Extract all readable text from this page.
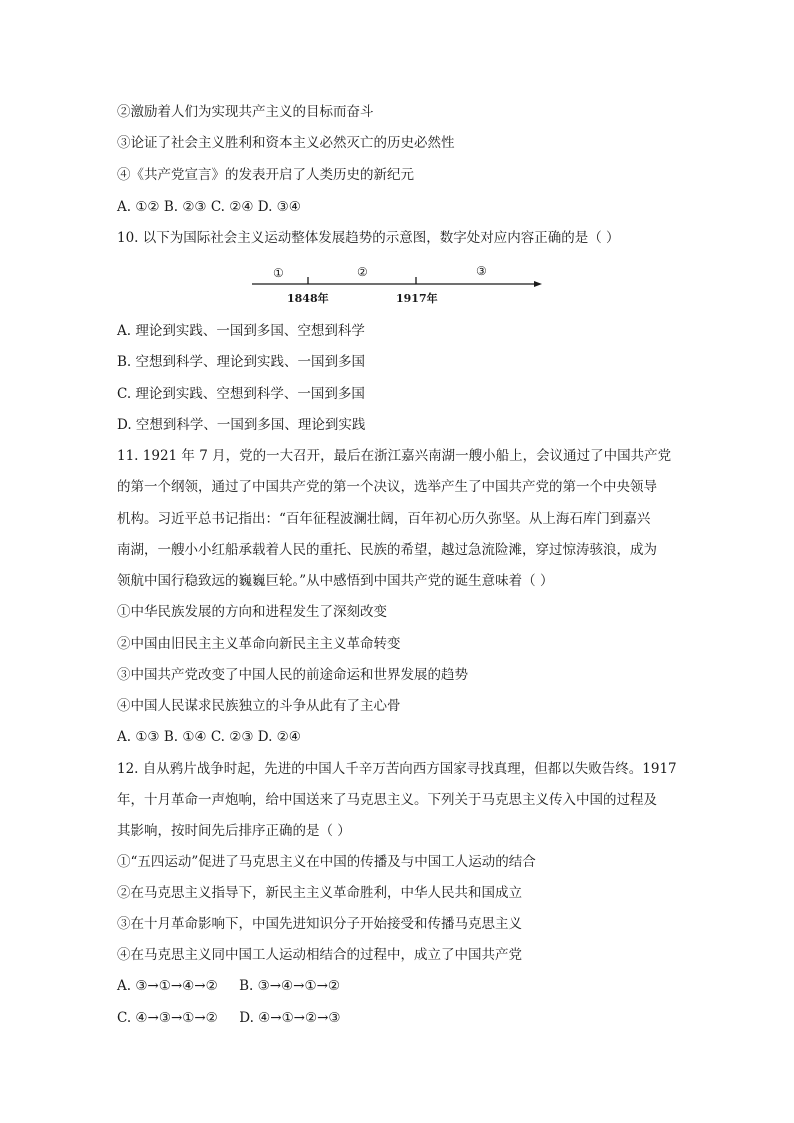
②激励着人们为实现共产主义的目标而奋斗
③论证了社会主义胜利和资本主义必然灭亡的历史必然性
④《共产党宣言》的发表开启了人类历史的新纪元
A. ①② B. ②③ C. ②④ D. ③④
10. 以下为国际社会主义运动整体发展趋势的示意图，数字处对应内容正确的是（ ）
①	②	③
1848年	1917年
A. 理论到实践、一国到多国、空想到科学
B. 空想到科学、理论到实践、一国到多国
C. 理论到实践、空想到科学、一国到多国
D. 空想到科学、一国到多国、理论到实践
11. 1921 年 7 月，党的一大召开，最后在浙江嘉兴南湖一艘小船上，会议通过了中国共产党
的第一个纲领，通过了中国共产党的第一个决议，选举产生了中国共产党的第一个中央领导
机构。习近平总书记指出：“百年征程波澜壮阔，百年初心历久弥坚。从上海石库门到嘉兴
南湖，一艘小小红船承载着人民的重托、民族的希望，越过急流险滩，穿过惊涛骇浪，成为
领航中国行稳致远的巍巍巨轮。”从中感悟到中国共产党的诞生意味着（ ）
①中华民族发展的方向和进程发生了深刻改变
②中国由旧民主主义革命向新民主主义革命转变
③中国共产党改变了中国人民的前途命运和世界发展的趋势
④中国人民谋求民族独立的斗争从此有了主心骨
A. ①③ B. ①④ C. ②③ D. ②④
12. 自从鸦片战争时起，先进的中国人千辛万苦向西方国家寻找真理，但都以失败告终。1917
年，十月革命一声炮响，给中国送来了马克思主义。下列关于马克思主义传入中国的过程及
其影响，按时间先后排序正确的是（ ）
①“五四运动”促进了马克思主义在中国的传播及与中国工人运动的结合
②在马克思主义指导下，新民主主义革命胜利，中华人民共和国成立
③在十月革命影响下，中国先进知识分子开始接受和传播马克思主义
④在马克思主义同中国工人运动相结合的过程中，成立了中国共产党
A. ③→①→④→②     B. ③→④→①→②
C. ④→③→①→②     D. ④→①→②→③
